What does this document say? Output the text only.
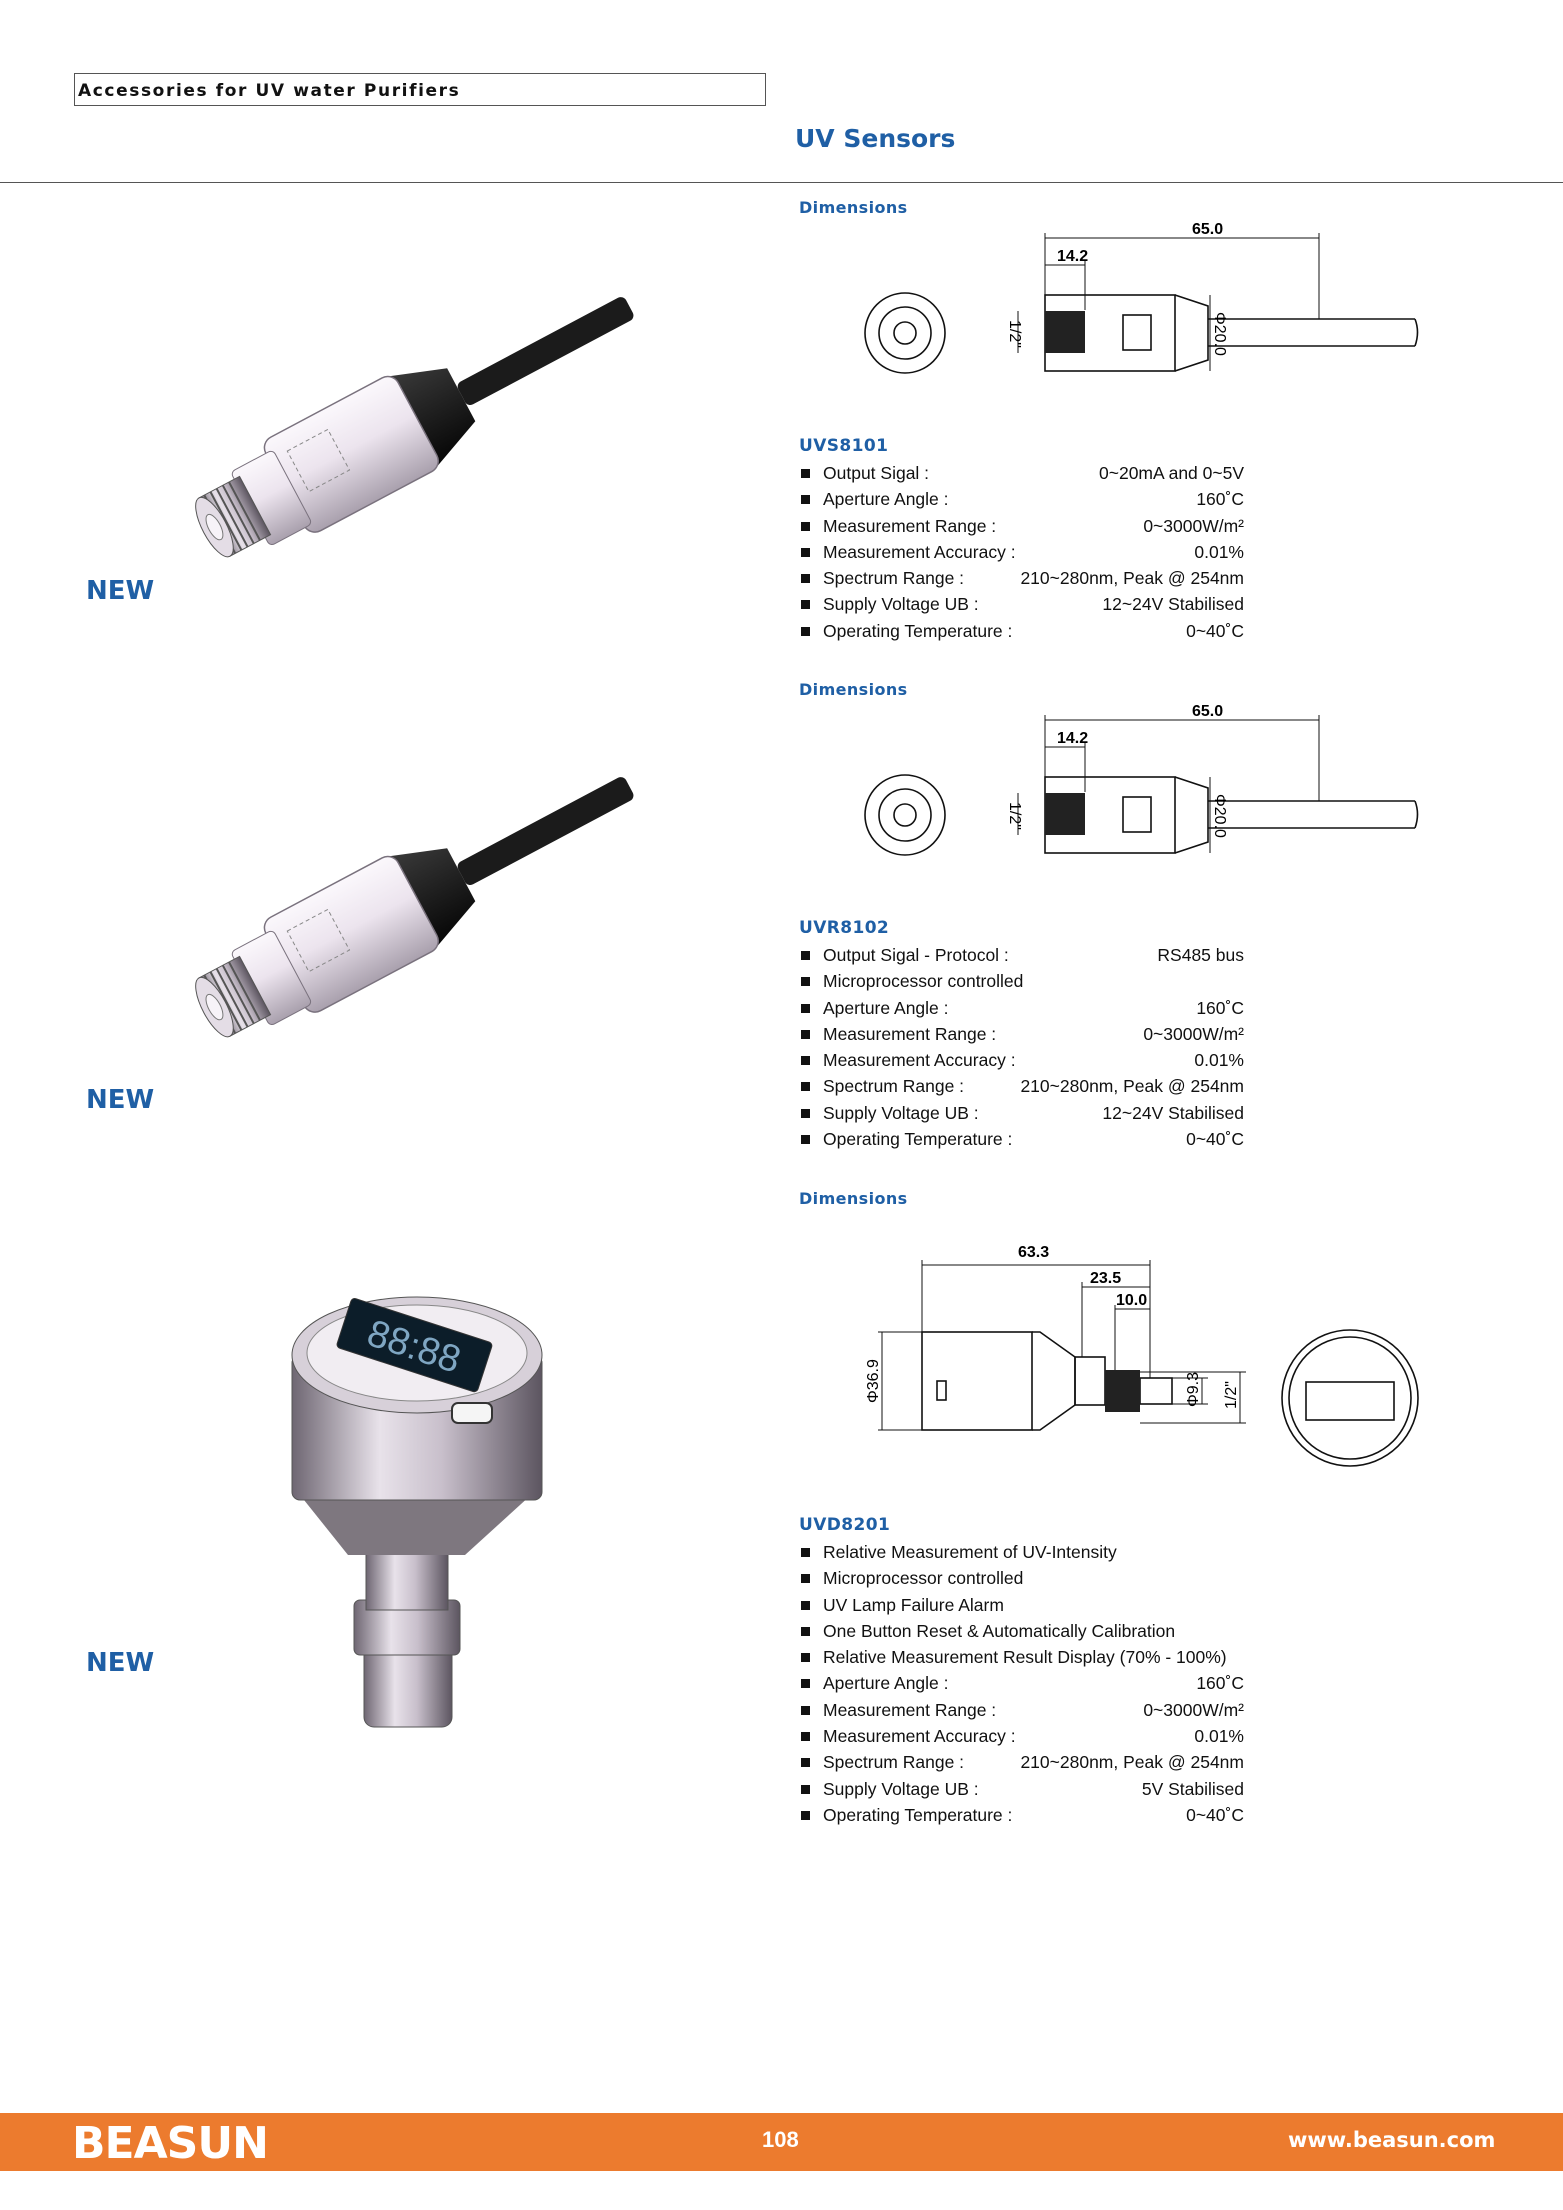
Accessories for UV water Purifiers
UV Sensors
NEW
NEW
88:88
NEW
Dimensions
65.0
14.2
1/2"	Φ20.0
UVS8101
Output Sigal :	0~20mA and 0~5V
Aperture Angle :	160˚C
Measurement Range :	0~3000W/m²
Measurement Accuracy :	0.01%
Spectrum Range :	210~280nm, Peak @ 254nm
Supply Voltage UB :	12~24V Stabilised
Operating Temperature :	0~40˚C
Dimensions
65.0
14.2
1/2"	Φ20.0
UVR8102
Output Sigal - Protocol :	RS485 bus
Microprocessor controlled
Aperture Angle :	160˚C
Measurement Range :	0~3000W/m²
Measurement Accuracy :	0.01%
Spectrum Range :	210~280nm, Peak @ 254nm
Supply Voltage UB :	12~24V Stabilised
Operating Temperature :	0~40˚C
Dimensions
63.3
23.5
10.0
Φ36.9	Φ9.3 1/2"
UVD8201
Relative Measurement of UV-Intensity
Microprocessor controlled
UV Lamp Failure Alarm
One Button Reset & Automatically Calibration
Relative Measurement Result Display (70% - 100%)
Aperture Angle :	160˚C
Measurement Range :	0~3000W/m²
Measurement Accuracy :	0.01%
Spectrum Range :	210~280nm, Peak @ 254nm
Supply Voltage UB :	5V Stabilised
Operating Temperature :	0~40˚C
BEASUN	108	www.beasun.com
